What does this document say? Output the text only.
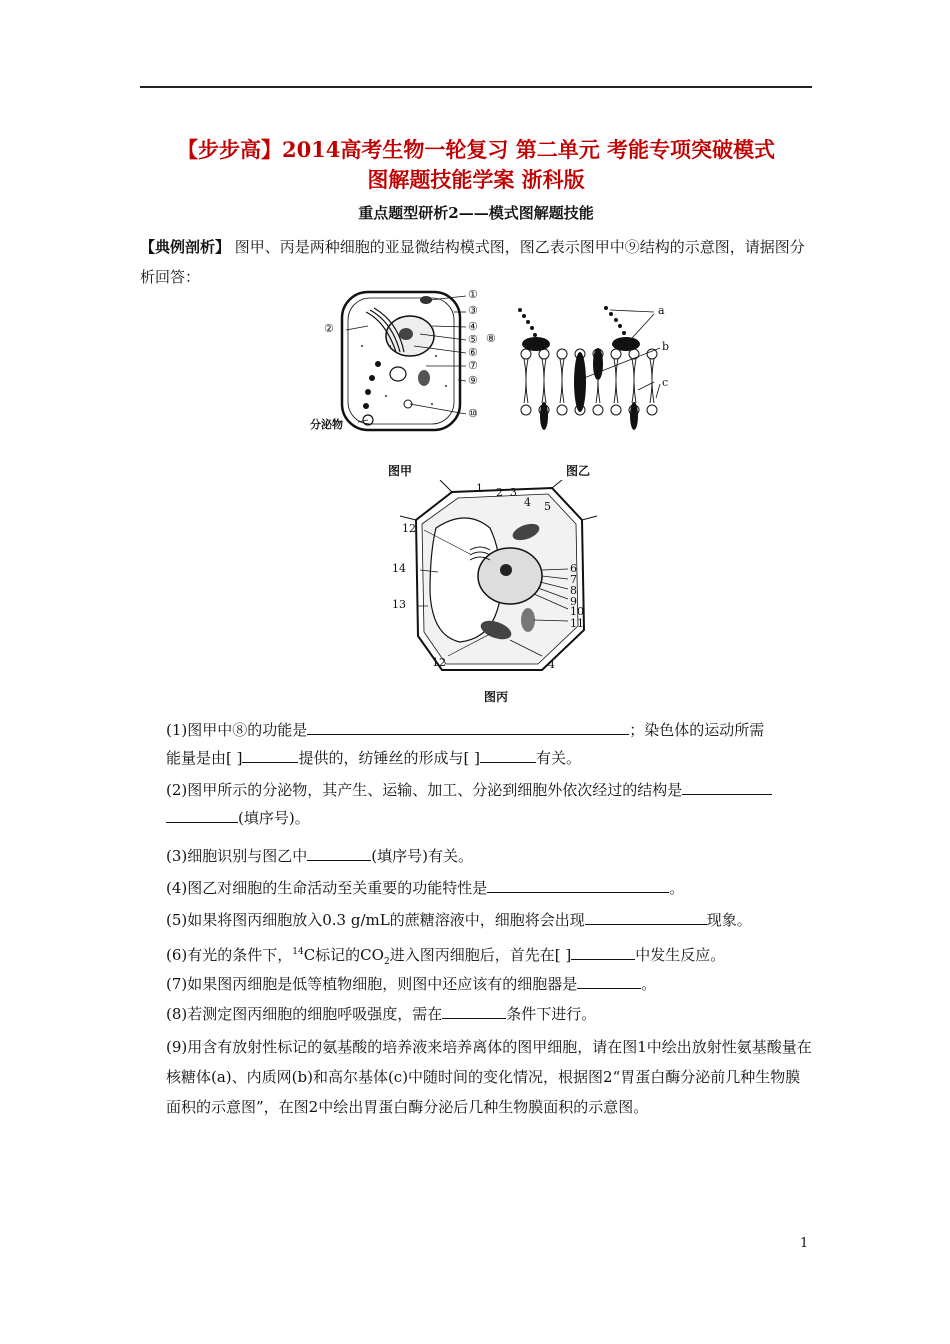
【步步高】2014高考生物一轮复习 第二单元 考能专项突破模式
图解题技能学案 浙科版
重点题型研析2——模式图解题技能
【典例剖析】 图甲、丙是两种细胞的亚显微结构模式图，图乙表示图甲中⑨结构的示意图，请据图分析回答：
①
③
④
⑤
⑥
⑦
⑨
⑩
②
⑧
分泌物
图甲
a
b
c
图乙
1 2 3
4 5
6
7
8
9
10
11
12
13
14
12	4
图丙
(1)图甲中⑧的功能是	；染色体的运动所需
能量是由[ ]	提供的，纺锤丝的形成与[ ]	有关。
(2)图甲所示的分泌物，其产生、运输、加工、分泌到细胞外依次经过的结构是
(填序号)。
(3)细胞识别与图乙中	(填序号)有关。
(4)图乙对细胞的生命活动至关重要的功能特性是	。
(5)如果将图丙细胞放入0.3 g/mL的蔗糖溶液中，细胞将会出现	现象。
(6)有光的条件下，$^{14}$C标记的$CO_2$进入图丙细胞后，首先在[ ]	中发生反应。
(7)如果图丙细胞是低等植物细胞，则图中还应该有的细胞器是	。
(8)若测定图丙细胞的细胞呼吸强度，需在	条件下进行。
(9)用含有放射性标记的氨基酸的培养液来培养离体的图甲细胞，请在图1中绘出放射性氨基酸量在核糖体(a)、内质网(b)和高尔基体(c)中随时间的变化情况，根据图2“胃蛋白酶分泌前几种生物膜面积的示意图”，在图2中绘出胃蛋白酶分泌后几种生物膜面积的示意图。
1
